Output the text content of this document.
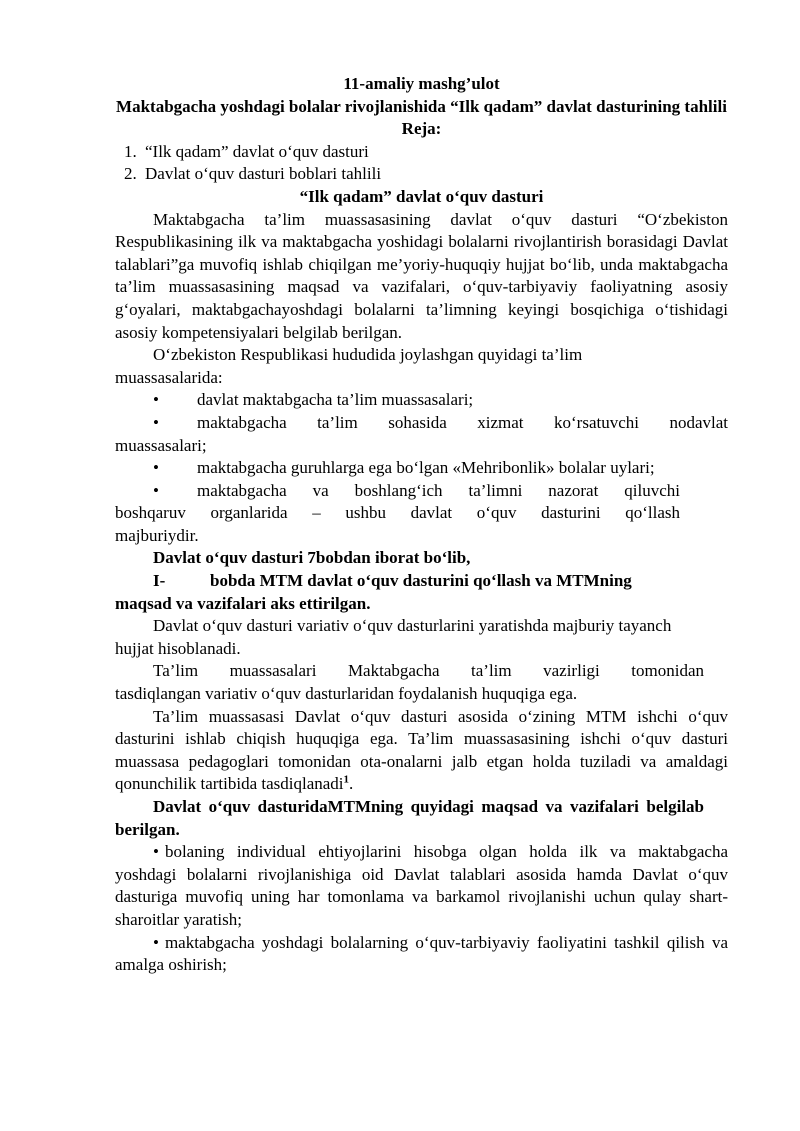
11-amaliy mashg’ulot

Maktabgacha yoshdagi bolalar rivojlanishida “Ilk qadam” davlat dasturining tahlili

Reja:

1. “Ilk qadam” davlat o‘quv dasturi
2. Davlat o‘quv dasturi boblari tahlili

“Ilk qadam” davlat o‘quv dasturi

Maktabgacha ta’lim muassasasining davlat o‘quv dasturi “O‘zbekiston Respublikasining ilk va maktabgacha yoshidagi bolalarni rivojlantirish borasidagi Davlat talablari”ga muvofiq ishlab chiqilgan me’yoriy-huquqiy hujjat bo‘lib, unda maktabgacha ta’lim muassasasining maqsad va vazifalari, o‘quv-tarbiyaviy faoliyatning asosiy g‘oyalari, maktabgachayoshdagi bolalarni ta’limning keyingi bosqichiga o‘tishidagi asosiy kompetensiyalari belgilab berilgan.

O‘zbekiston Respublikasi hududida joylashgan quyidagi ta’lim

muassasalarida:

•	davlat maktabgacha ta’lim muassasalari;
•	maktabgacha ta’lim sohasida xizmat ko‘rsatuvchi nodavlat

muassasalari;

•	maktabgacha guruhlarga ega bo‘lgan «Mehribonlik» bolalar uylari;
•	maktabgacha va boshlang‘ich ta’limni nazorat qiluvchi

boshqaruv organlarida – ushbu davlat o‘quv dasturini qo‘llash

majburiydir.

Davlat o‘quv dasturi 7bobdan iborat bo‘lib,

I-	bobda MTM davlat o‘quv dasturini qo‘llash va MTMning

maqsad va vazifalari aks ettirilgan.

Davlat o‘quv dasturi variativ o‘quv dasturlarini yaratishda majburiy tayanch hujjat hisoblanadi.

Ta’lim muassasalari Maktabgacha ta’lim vazirligi tomonidan

tasdiqlangan variativ o‘quv dasturlaridan foydalanish huquqiga ega.

Ta’lim muassasasi Davlat o‘quv dasturi asosida o‘zining MTM ishchi o‘quv dasturini ishlab chiqish huquqiga ega. Ta’lim muassasasining ishchi o‘quv dasturi muassasa pedagoglari tomonidan ota-onalarni jalb etgan holda tuziladi va amaldagi qonunchilik tartibida tasdiqlanadi$^1$.

Davlat o‘quv dasturidaMTMning quyidagi maqsad va vazifalari belgilab berilgan.

• bolaning individual ehtiyojlarini hisobga olgan holda ilk va maktabgacha yoshdagi bolalarni rivojlanishiga oid Davlat talablari asosida hamda Davlat o‘quv dasturiga muvofiq uning har tomonlama va barkamol rivojlanishi uchun qulay shart-sharoitlar yaratish;

• maktabgacha yoshdagi bolalarning o‘quv-tarbiyaviy faoliyatini tashkil qilish va amalga oshirish;
